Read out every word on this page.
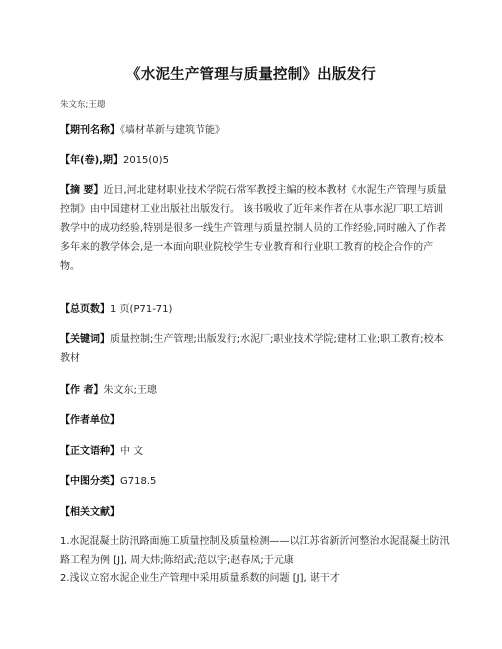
《水泥生产管理与质量控制》出版发行
朱文东;王璁
【期刊名称】《墙材革新与建筑节能》
【年(卷),期】2015(0)5
【摘 要】近日,河北建材职业技术学院石常军教授主编的校本教材《水泥生产管理与质量控制》由中国建材工业出版社出版发行。 该书吸收了近年来作者在从事水泥厂职工培训教学中的成功经验,特别是很多一线生产管理与质量控制人员的工作经验,同时融入了作者多年来的教学体会,是一本面向职业院校学生专业教育和行业职工教育的校企合作的产物。
【总页数】1 页(P71-71)
【关键词】质量控制;生产管理;出版发行;水泥厂;职业技术学院;建材工业;职工教育;校本教材
【作 者】朱文东;王璁
【作者单位】
【正文语种】中 文
【中图分类】G718.5
【相关文献】
1.水泥混凝土防汛路面施工质量控制及质量检测——以江苏省新沂河整治水泥混凝土防汛路工程为例 [J], 周大炜;陈绍武;范以宇;赵春凤;于元康
2.浅议立窑水泥企业生产管理中采用质量系数的问题 [J], 谌干才
